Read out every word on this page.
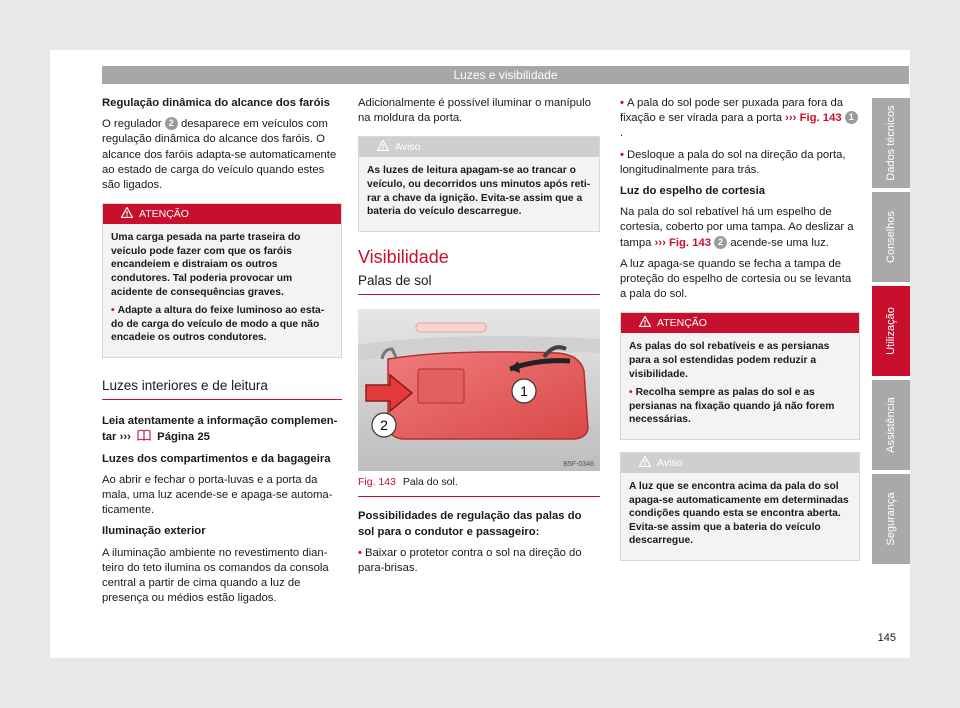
Luzes e visibilidade

Regulação dinâmica do alcance dos faróis

O regulador 2 desaparece em veículos com regulação dinâmica do alcance dos faróis. O alcance dos faróis adapta-se automaticamente ao estado de carga do veículo quando estes são ligados.

ATENÇÃO

Uma carga pesada na parte traseira do veículo pode fazer com que os faróis encandeiem e distraiam os outros condutores. Tal poderia provocar um acidente de consequências graves.

• Adapte a altura do feixe luminoso ao estado de carga do veículo de modo a que não encadeie os outros condutores.

Luzes interiores e de leitura

Leia atentamente a informação complementar ››› Página 25

Luzes dos compartimentos e da bagageira

Ao abrir e fechar o porta-luvas e a porta da mala, uma luz acende-se e apaga-se automaticamente.

Iluminação exterior

A iluminação ambiente no revestimento dianteiro do teto ilumina os comandos da consola central a partir de cima quando a luz de presença ou médios estão ligados.

Adicionalmente é possível iluminar o manípulo na moldura da porta.

Aviso

As luzes de leitura apagam-se ao trancar o veículo, ou decorridos uns minutos após retirar a chave da ignição. Evita-se assim que a bateria do veículo descarregue.

Visibilidade
Palas de sol
1
2
B5F-0346
Fig. 143 Pala do sol.

Possibilidades de regulação das palas do sol para o condutor e passageiro:

• Baixar o protetor contra o sol na direção do para-brisas.

• A pala do sol pode ser puxada para fora da fixação e ser virada para a porta ››› Fig. 143 1.

• Desloque a pala do sol na direção da porta, longitudinalmente para trás.

Luz do espelho de cortesia

Na pala do sol rebatível há um espelho de cortesia, coberto por uma tampa. Ao deslizar a tampa ››› Fig. 143 2 acende-se uma luz.

A luz apaga-se quando se fecha a tampa de proteção do espelho de cortesia ou se levanta a pala do sol.

ATENÇÃO

As palas do sol rebatíveis e as persianas para a sol estendidas podem reduzir a visibilidade.

• Recolha sempre as palas do sol e as persianas na fixação quando já não forem necessárias.

Aviso

A luz que se encontra acima da pala do sol apaga-se automaticamente em determinadas condições quando esta se encontra aberta. Evita-se assim que a bateria do veículo descarregue.

145
Dados técnicos
Conselhos
Utilização
Assistência
Segurança
